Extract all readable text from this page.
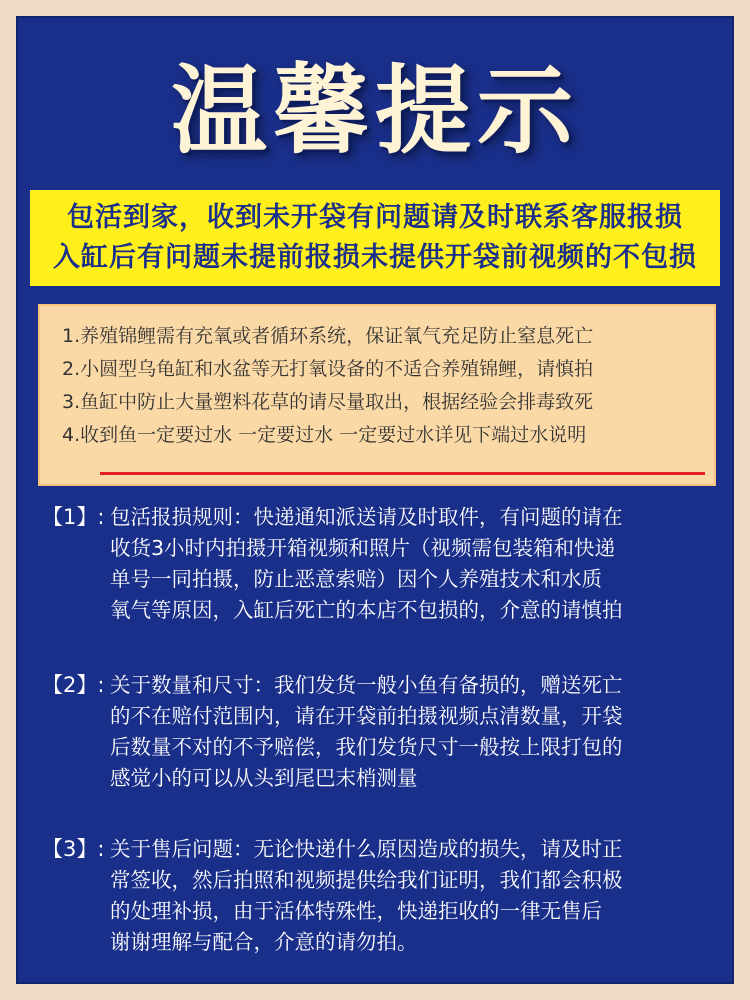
温馨提示
包活到家，收到未开袋有问题请及时联系客服报损
入缸后有问题未提前报损未提供开袋前视频的不包损
1.养殖锦鲤需有充氧或者循环系统，保证氧气充足防止窒息死亡
2.小圆型乌龟缸和水盆等无打氧设备的不适合养殖锦鲤，请慎拍
3.鱼缸中防止大量塑料花草的请尽量取出，根据经验会排毒致死
4.收到鱼一定要过水 一定要过水 一定要过水详见下端过水说明
【1】: 包活报损规则：快递通知派送请及时取件，有问题的请在
收货3小时内拍摄开箱视频和照片（视频需包装箱和快递
单号一同拍摄，防止恶意索赔）因个人养殖技术和水质
氧气等原因，入缸后死亡的本店不包损的，介意的请慎拍
【2】: 关于数量和尺寸：我们发货一般小鱼有备损的，赠送死亡
的不在赔付范围内，请在开袋前拍摄视频点清数量，开袋
后数量不对的不予赔偿，我们发货尺寸一般按上限打包的
感觉小的可以从头到尾巴末梢测量
【3】: 关于售后问题：无论快递什么原因造成的损失，请及时正
常签收，然后拍照和视频提供给我们证明，我们都会积极
的处理补损，由于活体特殊性，快递拒收的一律无售后
谢谢理解与配合，介意的请勿拍。
